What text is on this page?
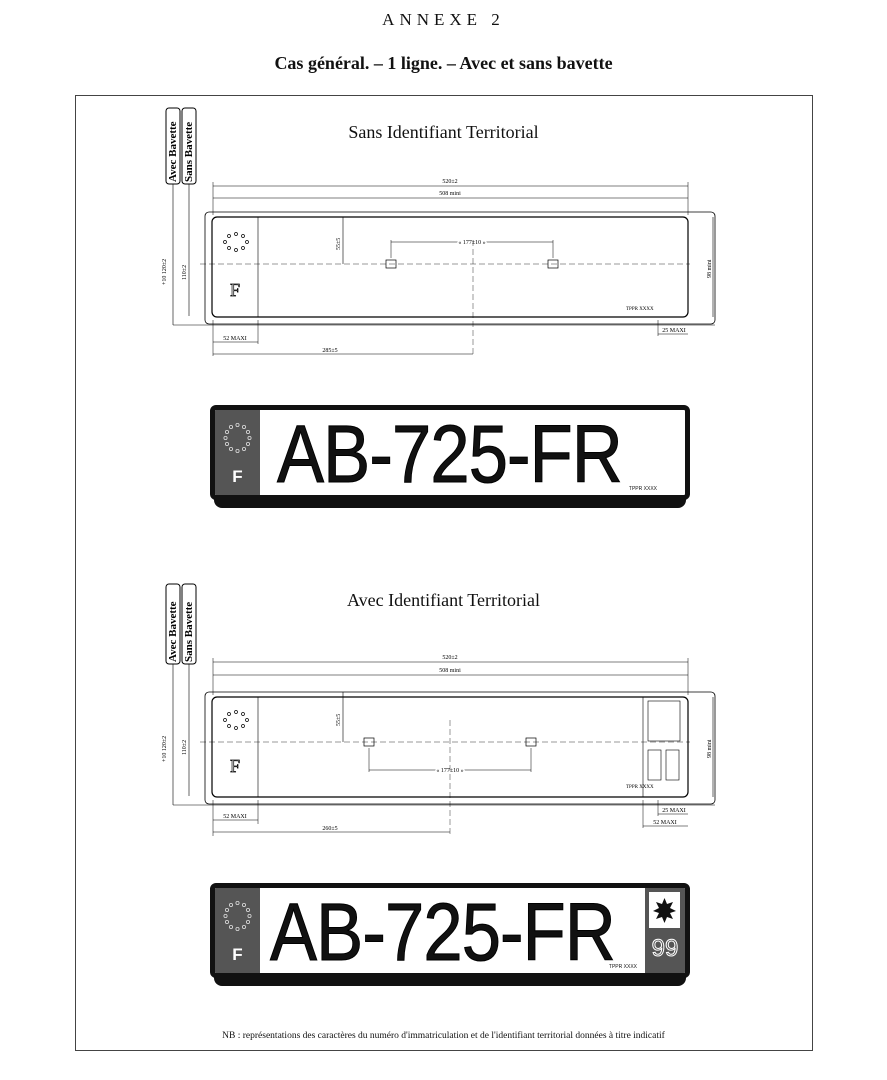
ANNEXE 2
Cas général. – 1 ligne. – Avec et sans bavette
Sans Identifiant Territorial
Avec Bavette Sans Bavette	520±2
508 mini
F
« 177±10 »
55±5
110±2
+10 120±2	98 mini
TPPR XXXX
52 MAXI
25 MAXI
285±5
F AB-725-FR TPPR XXXX
Avec Identifiant Territorial
Avec Bavette Sans Bavette	520±2
508 mini
F	« 177±10 »
55±5
110±2
+10 120±2	98 mini
TPPR XXXX
52 MAXI
25 MAXI
52 MAXI
260±5
F AB-725-FR
TPPR XXXX
99
NB : représentations des caractères du numéro d'immatriculation et de l'identifiant territorial données à titre indicatif
